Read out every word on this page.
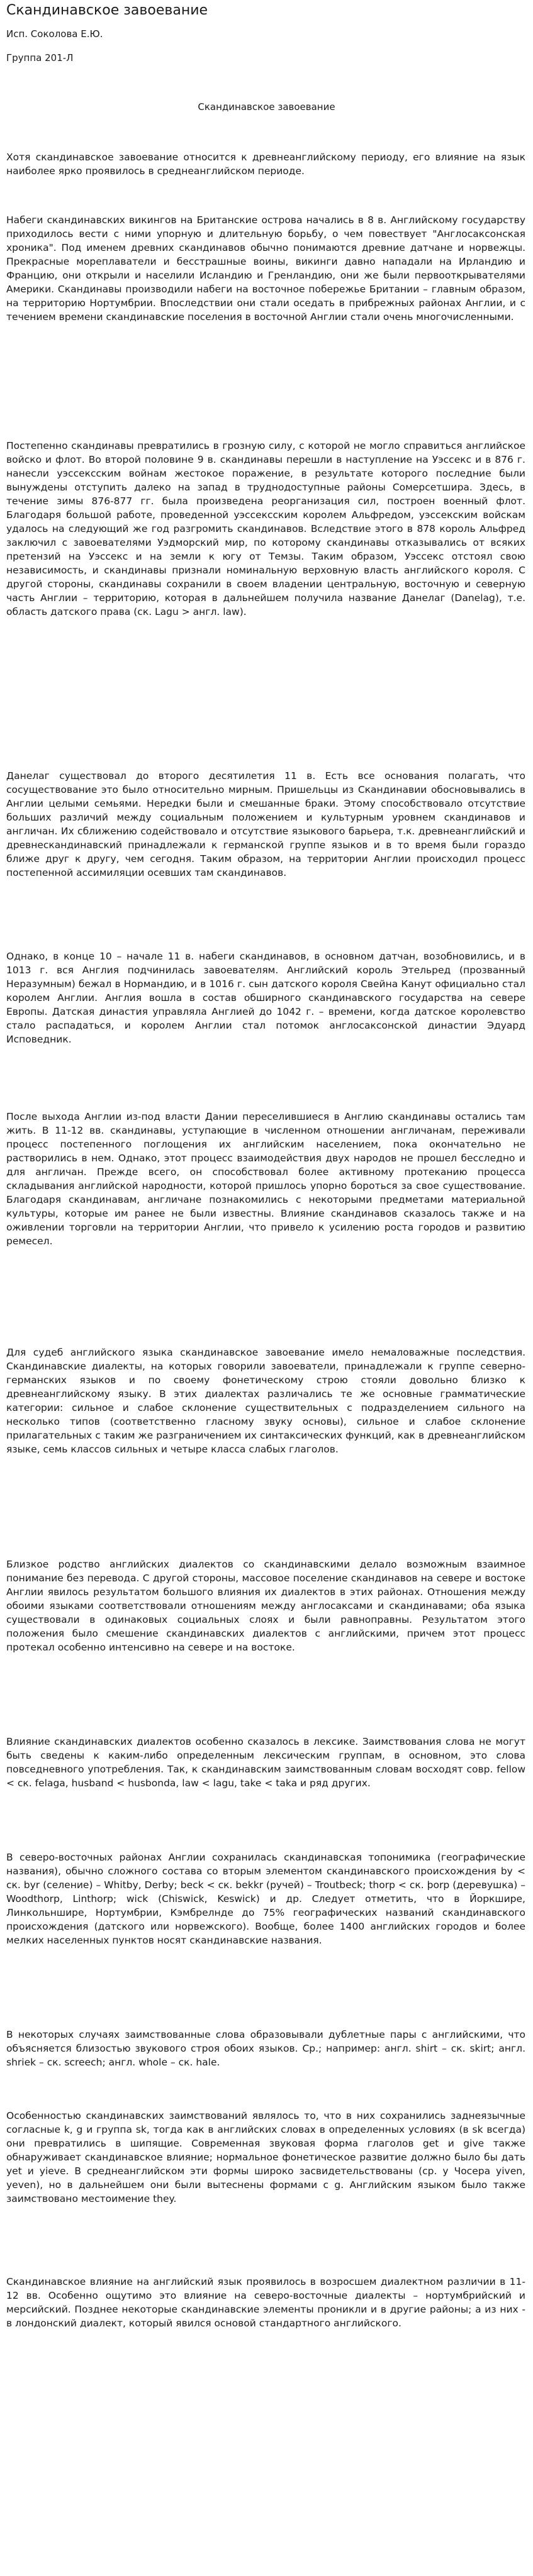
Скандинавское завоевание
Исп. Соколова Е.Ю.
Группа 201-Л
Скандинавское завоевание

Хотя скандинавское завоевание относится к древнеанглийскому периоду, его влияние на язык наиболее ярко проявилось в среднеанглийском периоде.

Набеги скандинавских викингов на Британские острова начались в 8 в. Английскому государству приходилось вести с ними упорную и длительную борьбу, о чем повествует "Англосаксонская хроника". Под именем древних скандинавов обычно понимаются древние датчане и норвежцы. Прекрасные мореплаватели и бесстрашные воины, викинги давно нападали на Ирландию и Францию, они открыли и населили Исландию и Гренландию, они же были первооткрывателями Америки. Скандинавы производили набеги на восточное побережье Британии – главным образом, на территорию Нортумбрии. Впоследствии они стали оседать в прибрежных районах Англии, и с течением времени скандинавские поселения в восточной Англии стали очень многочисленными.

Постепенно скандинавы превратились в грозную силу, с которой не могло справиться английское войско и флот. Во второй половине 9 в. скандинавы перешли в наступление на Уэссекс и в 876 г. нанесли уэссексским войнам жестокое поражение, в результате которого последние были вынуждены отступить далеко на запад в труднодоступные районы Сомерсетшира. Здесь, в течение зимы 876-877 гг. была произведена реорганизация сил, построен военный флот. Благодаря большой работе, проведенной уэссексским королем Альфредом, уэссекским войскам удалось на следующий же год разгромить скандинавов. Вследствие этого в 878 король Альфред заключил с завоевателями Уэдморский мир, по которому скандинавы отказывались от всяких претензий на Уэссекс и на земли к югу от Темзы. Таким образом, Уэссекс отстоял свою независимость, и скандинавы признали номинальную верховную власть английского короля. С другой стороны, скандинавы сохранили в своем владении центральную, восточную и северную часть Англии – территорию, которая в дальнейшем получила название Данелаг (Danelag), т.е. область датского права (ск. Lagu > англ. law).

Данелаг существовал до второго десятилетия 11 в. Есть все основания полагать, что сосуществование это было относительно мирным. Пришельцы из Скандинавии обосновывались в Англии целыми семьями. Нередки были и смешанные браки. Этому способствовало отсутствие больших различий между социальным положением и культурным уровнем скандинавов и англичан. Их сближению содействовало и отсутствие языкового барьера, т.к. древнеанглийский и древнескандинавский принадлежали к германской группе языков и в то время были гораздо ближе друг к другу, чем сегодня. Таким образом, на территории Англии происходил процесс постепенной ассимиляции осевших там скандинавов.

Однако, в конце 10 – начале 11 в. набеги скандинавов, в основном датчан, возобновились, и в 1013 г. вся Англия подчинилась завоевателям. Английский король Этельред (прозванный Неразумным) бежал в Нормандию, и в 1016 г. сын датского короля Свейна Канут официально стал королем Англии. Англия вошла в состав обширного скандинавского государства на севере Европы. Датская династия управляла Англией до 1042 г. – времени, когда датское королевство стало распадаться, и королем Англии стал потомок англосаксонской династии Эдуард Исповедник.

После выхода Англии из-под власти Дании переселившиеся в Англию скандинавы остались там жить. В 11-12 вв. скандинавы, уступающие в численном отношении англичанам, переживали процесс постепенного поглощения их английским населением, пока окончательно не растворились в нем. Однако, этот процесс взаимодействия двух народов не прошел бесследно и для англичан. Прежде всего, он способствовал более активному протеканию процесса складывания английской народности, которой пришлось упорно бороться за свое существование. Благодаря скандинавам, англичане познакомились с некоторыми предметами материальной культуры, которые им ранее не были известны. Влияние скандинавов сказалось также и на оживлении торговли на территории Англии, что привело к усилению роста городов и развитию ремесел.

Для судеб английского языка скандинавское завоевание имело немаловажные последствия. Скандинавские диалекты, на которых говорили завоеватели, принадлежали к группе северно-германских языков и по своему фонетическому строю стояли довольно близко к древнеанглийскому языку. В этих диалектах различались те же основные грамматические категории: сильное и слабое склонение существительных с подразделением сильного на несколько типов (соответственно гласному звуку основы), сильное и слабое склонение прилагательных с таким же разграничением их синтаксических функций, как в древнеанглийском языке, семь классов сильных и четыре класса слабых глаголов.

Близкое родство английских диалектов со скандинавскими делало возможным взаимное понимание без перевода. С другой стороны, массовое поселение скандинавов на севере и востоке Англии явилось результатом большого влияния их диалектов в этих районах. Отношения между обоими языками соответствовали отношениям между англосаксами и скандинавами; оба языка существовали в одинаковых социальных слоях и были равноправны. Результатом этого положения было смешение скандинавских диалектов с английскими, причем этот процесс протекал особенно интенсивно на севере и на востоке.

Влияние скандинавских диалектов особенно сказалось в лексике. Заимствования слова не могут быть сведены к каким-либо определенным лексическим группам, в основном, это слова повседневного употребления. Так, к скандинавским заимствованным словам восходят совр. fellow < ск. felaga, husband < husbonda, law < lagu, take < taka и ряд других.

В северо-восточных районах Англии сохранилась скандинавская топонимика (географические названия), обычно сложного состава со вторым элементом скандинавского происхождения by < ск. byr (селение) – Whitby, Derby; beck < ск. bekkr (ручей) – Troutbeck; thorp < ск. þorp (деревушка) – Woodthorp, Linthorp; wick (Chiswick, Keswick) и др. Следует отметить, что в Йоркшире, Линкольншире, Нортумбрии, Кэмбрелнде до 75% географических названий скандинавского происхождения (датского или норвежского). Вообще, более 1400 английских городов и более мелких населенных пунктов носят скандинавские названия.

В некоторых случаях заимствованные слова образовывали дублетные пары с английскими, что объясняется близостью звукового строя обоих языков. Ср.; например: англ. shirt – ск. skirt; англ. shriek – ск. screech; англ. whole – ск. hale.

Особенностью скандинавских заимствований являлось то, что в них сохранились заднеязычные согласные k, g и группа sk, тогда как в английских словах в определенных условиях (в sk всегда) они превратились в шипящие. Современная звуковая форма глаголов get и give также обнаруживает скандинавское влияние; нормальное фонетическое развитие должно было бы дать yet и yieve. В среднеанглийском эти формы широко засвидетельствованы (ср. у Чосера yiven, yeven), но в дальнейшем они были вытеснены формами с g. Английским языком было также заимствовано местоимение they.

Скандинавское влияние на английский язык проявилось в возросшем диалектном различии в 11-12 вв. Особенно ощутимо это влияние на северо-восточные диалекты – нортумбрийский и мерсийский. Позднее некоторые скандинавские элементы проникли и в другие районы; а из них - в лондонский диалект, который явился основой стандартного английского.
